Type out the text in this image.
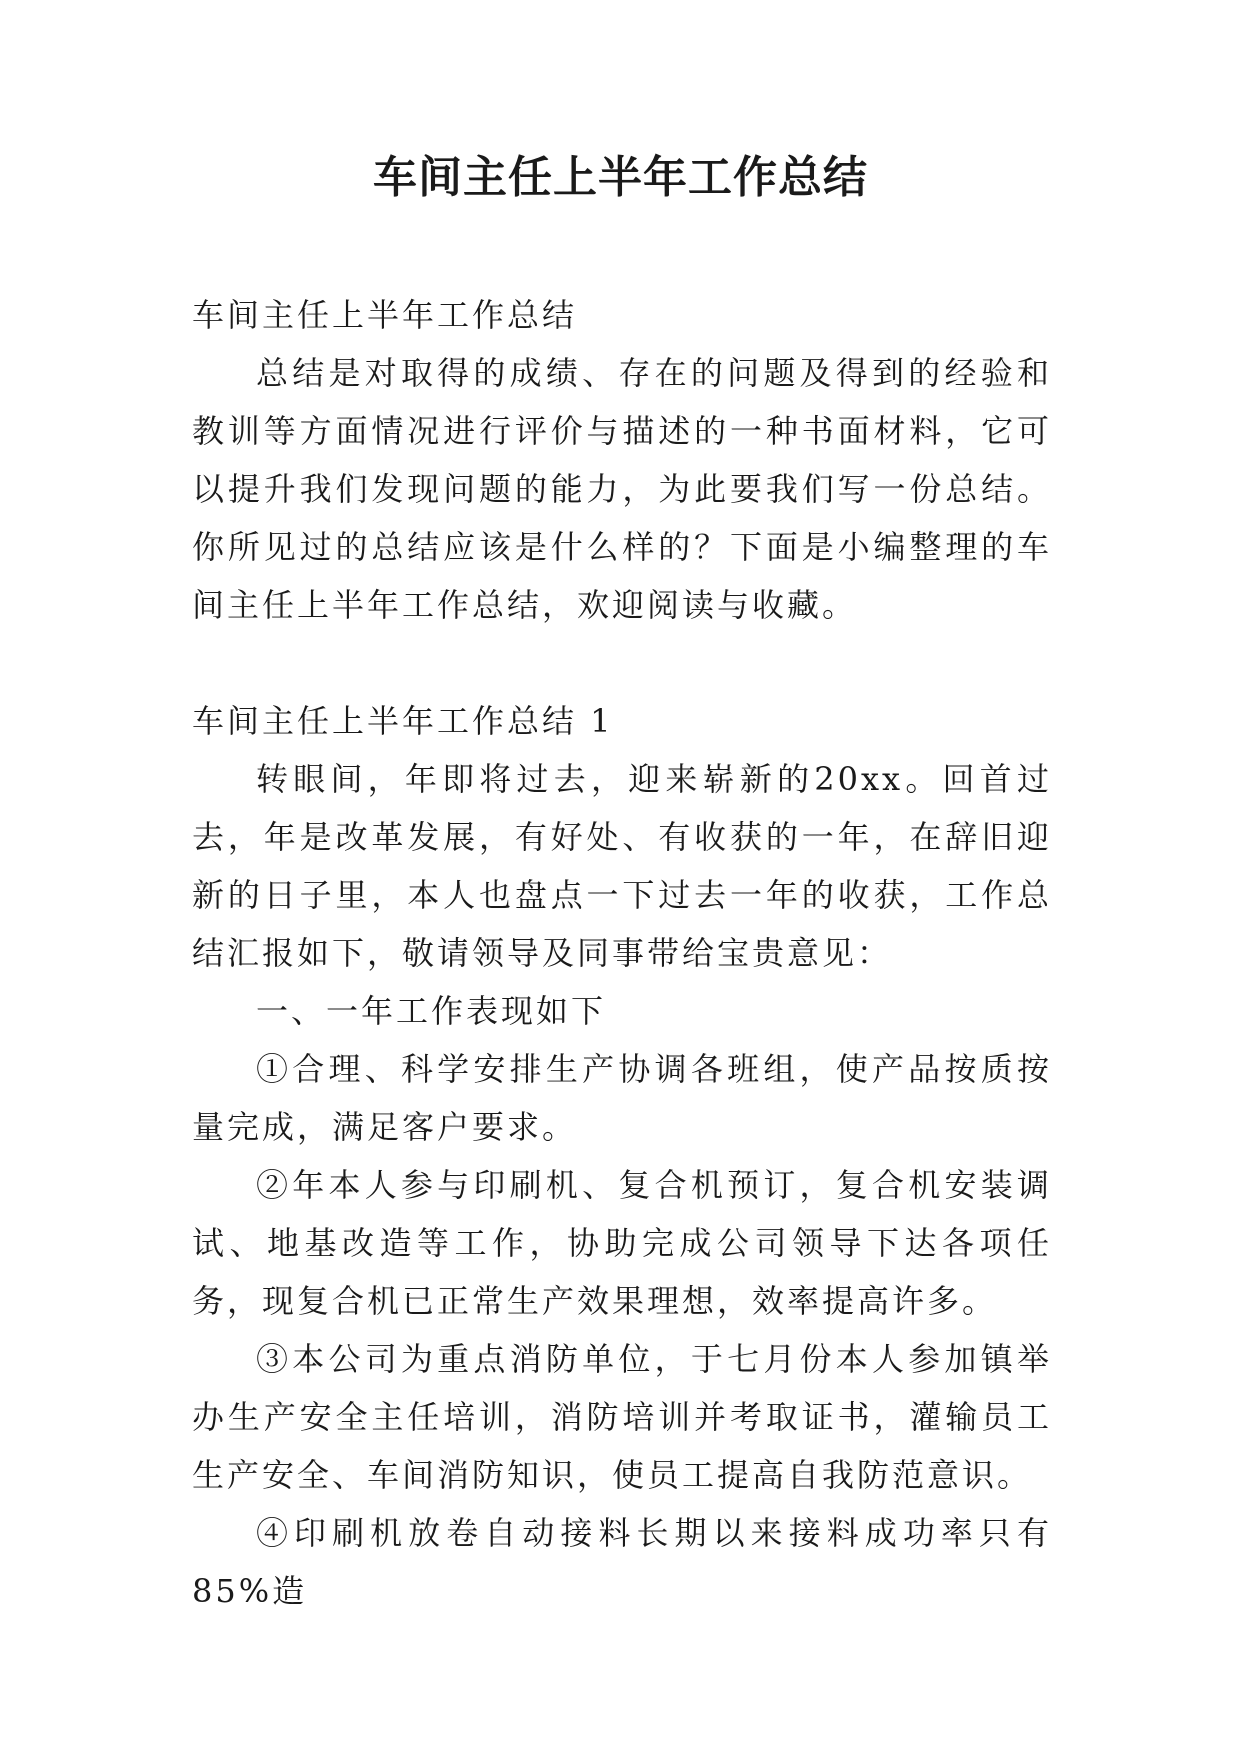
车间主任上半年工作总结

车间主任上半年工作总结

总结是对取得的成绩、存在的问题及得到的经验和教训等方面情况进行评价与描述的一种书面材料，它可以提升我们发现问题的能力，为此要我们写一份总结。你所见过的总结应该是什么样的？下面是小编整理的车间主任上半年工作总结，欢迎阅读与收藏。

车间主任上半年工作总结 1

转眼间，年即将过去，迎来崭新的20xx。回首过去，年是改革发展，有好处、有收获的一年，在辞旧迎新的日子里，本人也盘点一下过去一年的收获，工作总结汇报如下，敬请领导及同事带给宝贵意见：

一、一年工作表现如下

①合理、科学安排生产协调各班组，使产品按质按量完成，满足客户要求。

②年本人参与印刷机、复合机预订，复合机安装调试、地基改造等工作，协助完成公司领导下达各项任务，现复合机已正常生产效果理想，效率提高许多。

③本公司为重点消防单位，于七月份本人参加镇举办生产安全主任培训，消防培训并考取证书，灌输员工生产安全、车间消防知识，使员工提高自我防范意识。

④印刷机放卷自动接料长期以来接料成功率只有85%造
